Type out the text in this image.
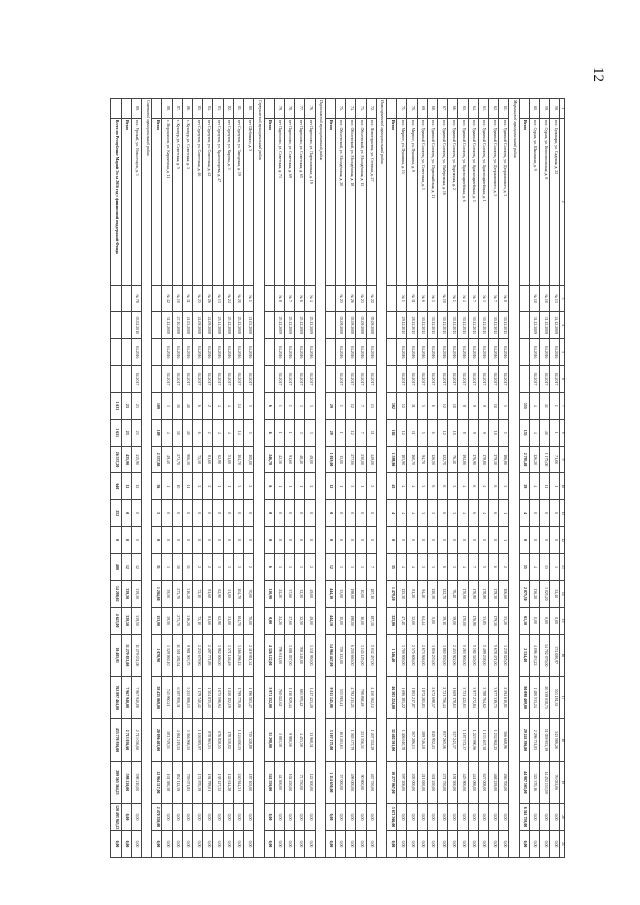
12
1	2	3	4	5	6	7	8	9	10	11	12	13	14	15	16	17	18	19	20	21
58.	пос. Бульвары, ул. Садовая, д. 22	№ 13	24.12.2009	04.2016	04.2017	1	1	71,00	1	0	0	1	32,40	0,00	374 080,97	553 181,35	543 586,26	76 052,06	0,00	0,00
59.	пос. Сураж, ул. Комсомольская, д. 8	№ 10	31.12.2009	04.2016	04.2017	41	40	1 175,00	11	0	0	13	1 025,20	0,00	14 702 070,00	20 359 018,75	11 059 953,39	14 452 153,59	0,00	0,00
60.	пос. Сураж, ул. Школьная, д. 9	№ 10	31.12.2009	04.2016	04.2017	4	4	126,20	4	0	0	4	136,20	0,00	4 096 453,22	1 480 533,24	2 296 731,83	323 370,16	0,00	0,00
	Итого					155	155	2 795,40	29	4	0	55	2 075,30	61,10	2 534,40	80 098 409,00	29 241 396,80	44 987 503,00	6 361 759,00	0,00
Мирнинский муниципальный район																				
61.	пос. Удачный Солонец, ул. Дзержинского, д. 3	№ 8	30.12.2011	04.2016	04.2017	5	5	186,80	3	1	1	2	106,60	53,20	3 239 025,00	2 594 610,81	366 668,96	266 700,00	0,00	0,00
62.	пос. Удачный Солонец, ул. Дзержинского, д. 5	№ 7	30.12.2011	04.2016	04.2017	10	10	179,10	6	6	0	6	179,30	179,30	5 678 471,00	3 977 319,75	1 232 862,25	468 259,00	0,00	0,00
63.	пос. Удачный Солонец, ул. Красноармейская, д. 1	№ 3	30.12.2011	04.2016	04.2017	9	9	178,80	4	4	0	5	178,80	33,85	5 499 238,00	3 788 764,62	1 133 467,38	627 008,00	0,00	0,00
64.	пос. Удачный Солонец, ул. Красноармейская, д. 5	№ 7	30.12.2011	04.2016	04.2017	9	9	176,90	6	6	0	7	176,90	176,90	5 592 320,00	3 977 272,84	1 223 990,96	441 066,00	0,00	0,00
65.	пос. Удачный Солонец, ул. Красноармейская, д. 6	№ 4	30.12.2011	04.2016	04.2017	8	8	194,80	4	4	0	4	170,00	170,00	5 265 900,00	3 751 422,63	1 187 572,37	425 900,00	0,00	0,00
66.	пос. Удачный Солонец, ул. Курганная, д. 2	№ 1	30.12.2011	04.2016	04.2017	10	10	76,40	3	3	0	3	76,40	39,00	2 453 922,06	1 609 178,63	557 243,37	191 500,00	0,00	0,00
67.	пос. Удачный Солонец, ул. Набережная, д. 16	№ 10	30.12.2011	04.2016	04.2017	12	12	122,70	6	6	0	6	122,70	39,10	3 865 030,00	2 721 756,44	857 265,56	271 750,00	0,00	0,00
68.	пос. Удачный Солонец, ул. Первомайская, д. 11	№ 5	30.12.2011	04.2016	04.2017	6	6	126,50	6	5	0	3	120,30	0,00	3 816 233,00	2 672 698,57	845 952,43	301 250,00	0,00	0,00
69.	пос. Удачный Солонец, ул. Советская, д. 3	№ 6	30.12.2011	04.2016	04.2017	5	5	94,70	3	3	0	3	94,40	64,44	2 673 946,00	1 872 281,83	589 746,18	211 000,00	0,00	0,00
70.	пос. Мирное, ул. Пушкина, д. 9	№ 11	28.12.2011	04.2016	04.2017	11	11	160,70	4	4	0	4	81,20	32,00	2 575 606,00	1 803 217,87	567 286,13	205 000,00	0,00	0,00
71.	пос. Мирное, ул. Пушкина, д. 15	№ 1	29.12.2011	04.2016	04.2017	12	12	183,90	4	4	0	4	125,30	47,40	3 700 000,00	1 696 183,22	1 406 610,78	597 206,00	0,00	0,00
	Итого					102	102	1 598,80	43	4	0	35	1 479,20	323,80	1 146,40	46 301 224,00	32 402 501,00	10 277 067,00	3 671 566,00	0,00
Новогорьевский муниципальный район																				
72.	пос. Новогорьевск, ул. Степная, д. 27	№ 22	05.09.2008	04.2016	04.2017	13	11	449,00	5	0	0	7	187,10	187,10	5 032 457,00	4 150 362,12	1 207 352,29	467 750,00	0,00	0,00
73.	пос. Оболенский, ул. Молодёжная, д. 15	№ 23	03.09.2008	04.2016	04.2017	7	7	230,00	1	0	0	1	10,00	16,00	1 145 125,00	798 868,49	251 356,51	90 900,00	0,00	0,00
74.	пос. Оболенский, ул. Молодёжная, д. 18	№ 26	03.09.2008	04.2016	04.2017	12	12	277,00	3	0	0	3	198,00	198,00	6 250 660,00	4 792 213,21	1 365 377,79	499 000,00	0,00	0,00
75.	пос. Оболенский, ул. Молодёжная, д. 20	№ 25	03.09.2008	04.2016	04.2017	1	1	13,00	1	0	0	1	35,00	15,00	758 152,00	533 918,41	161 101,63	57 000,00	0,00	0,00
	Итого					29	29	1 019,00	12	0	0	12	444,10	444,10	14 964 447,00	9 911 145,00	3 107 175,00	1 114 650,00	0,00	0,00
Парголовский муниципальный район																				
76.	пгт Парголово, ул. Партизанская, д. 19	№ 4	25.12.2009	04.2016	04.2017	3	3	49,00	2	0	0	2	49,00	49,00	1 531 950,00	1 417 423,49	11 968,51	122 300,00	0,00	0,00
77.	пгт Парголово, ул. Советская, д. 65	№ 6	25.12.2009	04.2016	04.2017	3	3	48,40	1	0	0	1	32,50	32,50	768 240,00	683 976,42	4 453,58	73 750,00	0,00	0,00
78.	пгт Парголово, ул. Советская, д. 69	№ 7	25.12.2009	04.2016	04.2017	1	1	91,60	1	0	0	1	37,60	37,60	1 081 057,00	1 110 929,44	9 980,56	102 250,00	0,00	0,00
79.	пгт Парголово, ул. Советская, д. 71	№ 8	25.12.2009	04.2016	04.2017	1	1	42,30	1	0	0	1	24,20	24,20	796 611,00	760 022,62	5 881,38	44 300,00	0,00	0,00
	Итого					6	6	246,70	6	0	0	6	110,90	0,00	4 326 122,00	3 971 352,00	31 298,00	341 550,00	0,00	0,00
Серпуховский муниципальный район																				
80.	пгт Шебекино, д. 5	№ 1	21.03.2008	04.2016	04.2017	5	5	105,00	2	0	0	2	70,00	70,00	2 119 951,34	1 196 503,47	735 328,88	187 105,00	0,00	0,00
81.	пгт Серпухов, ул. Заводская, д. 19	№ 20	25.12.2008	04.2016	04.2017	14	14	104,70	3	0	0	3	104,70	104,70	3 166 296,12	1 799 770,06	1 124 650,53	240 944,31	0,00	0,00
82.	пгт Серпухов, ул. Кирова, д. 3	№ 24	25.12.2008	04.2016	04.2017	4	4	51,00	1	0	0	1	51,00	51,00	1 571 146,49	1 250 152,19	178 330,02	142 614,28	0,00	0,00
83.	пгт Серпухов, ул. Краснозорева, д. 47	№ 13	25.11.2008	04.2016	04.2017	4	4	62,90	1	0	0	1	62,90	62,90	1 962 006,00	1 075 596,94	676 828,55	138 127,32	0,00	0,00
84.	пгт Серпухов, ул. Советская, д. 42	№ 26	24.09.2008	04.2016	04.2017	2	2	81,60	2	0	0	2	81,60	81,60	2 497 771,85	1 304 835,45	878 961,53	194 799,01	0,00	0,00
85.	пгт Серпухов, ул. Советская, д. 46	№ 25	24.09.2008	04.2016	04.2017	6	6	72,10	2	0	0	2	72,10	72,10	2 255 679,90	1 179 740,42	1 100 883,97	174 970,39	0,00	0,00
86.	с. Кушнур, ул. Советская, д. 3	№ 11	21.03.2008	04.2016	04.2017	40	40	906,10	11	0	0	11	316,20	316,20	9 981 903,75	5 255 986,15	3 366 966,55	759 071,85	0,00	0,00
87.	с. Кушнур, ул. Советская, д. 5	№ 10	27.10.2008	04.2016	04.2017	30	30	273,70	10	0	0	10	273,70	273,70	11 501 282,54	6 387 950,11	4 061 219,55	852 112,39	0,00	0,00
88.	с. Ворошилов, ул. Кирпичная, д. 11	№ 42	31.12.2008	04.2016	04.2017	3	4	49,40	1	0	0	1	39,50	39,50	1 329 060,10	745 960,21	381 719,51	101 380,38	0,00	0,00
	Итого					109	109	2 337,88	36	5	0	31	1 204,80	153,90	1 070,90	38 435 868,00	20 096 403,00	12 964 117,00	2 470 358,00	0,00
Советский муниципальный район																				
89.	пос. Урожай, ул. Новоселцов, д. 3	№ 78	03.02.2010	04.2016	04.2017	23	23	435,90	12	0	0	12	339,50	339,50	11 279 031,00	7 967 940,08	2 713 036,60	598 210,00	0,00	0,00
	Итого					23	23	435,90	12	0	0	12	339,50	339,50	11 279 031,00	7 967 940,08	2 713 036,60	598 210,00	0,00	0,00
	Всего по Республике Марий Эл за 2016 год с финансовой поддержкой Фонда					1 631	1 631	26 537,20	640	252	0	408	14 208,02	4 623,00	10 485,91	763 897 464,00	433 770 936,00	209 565 364,23	120 493 945,23	0,00
